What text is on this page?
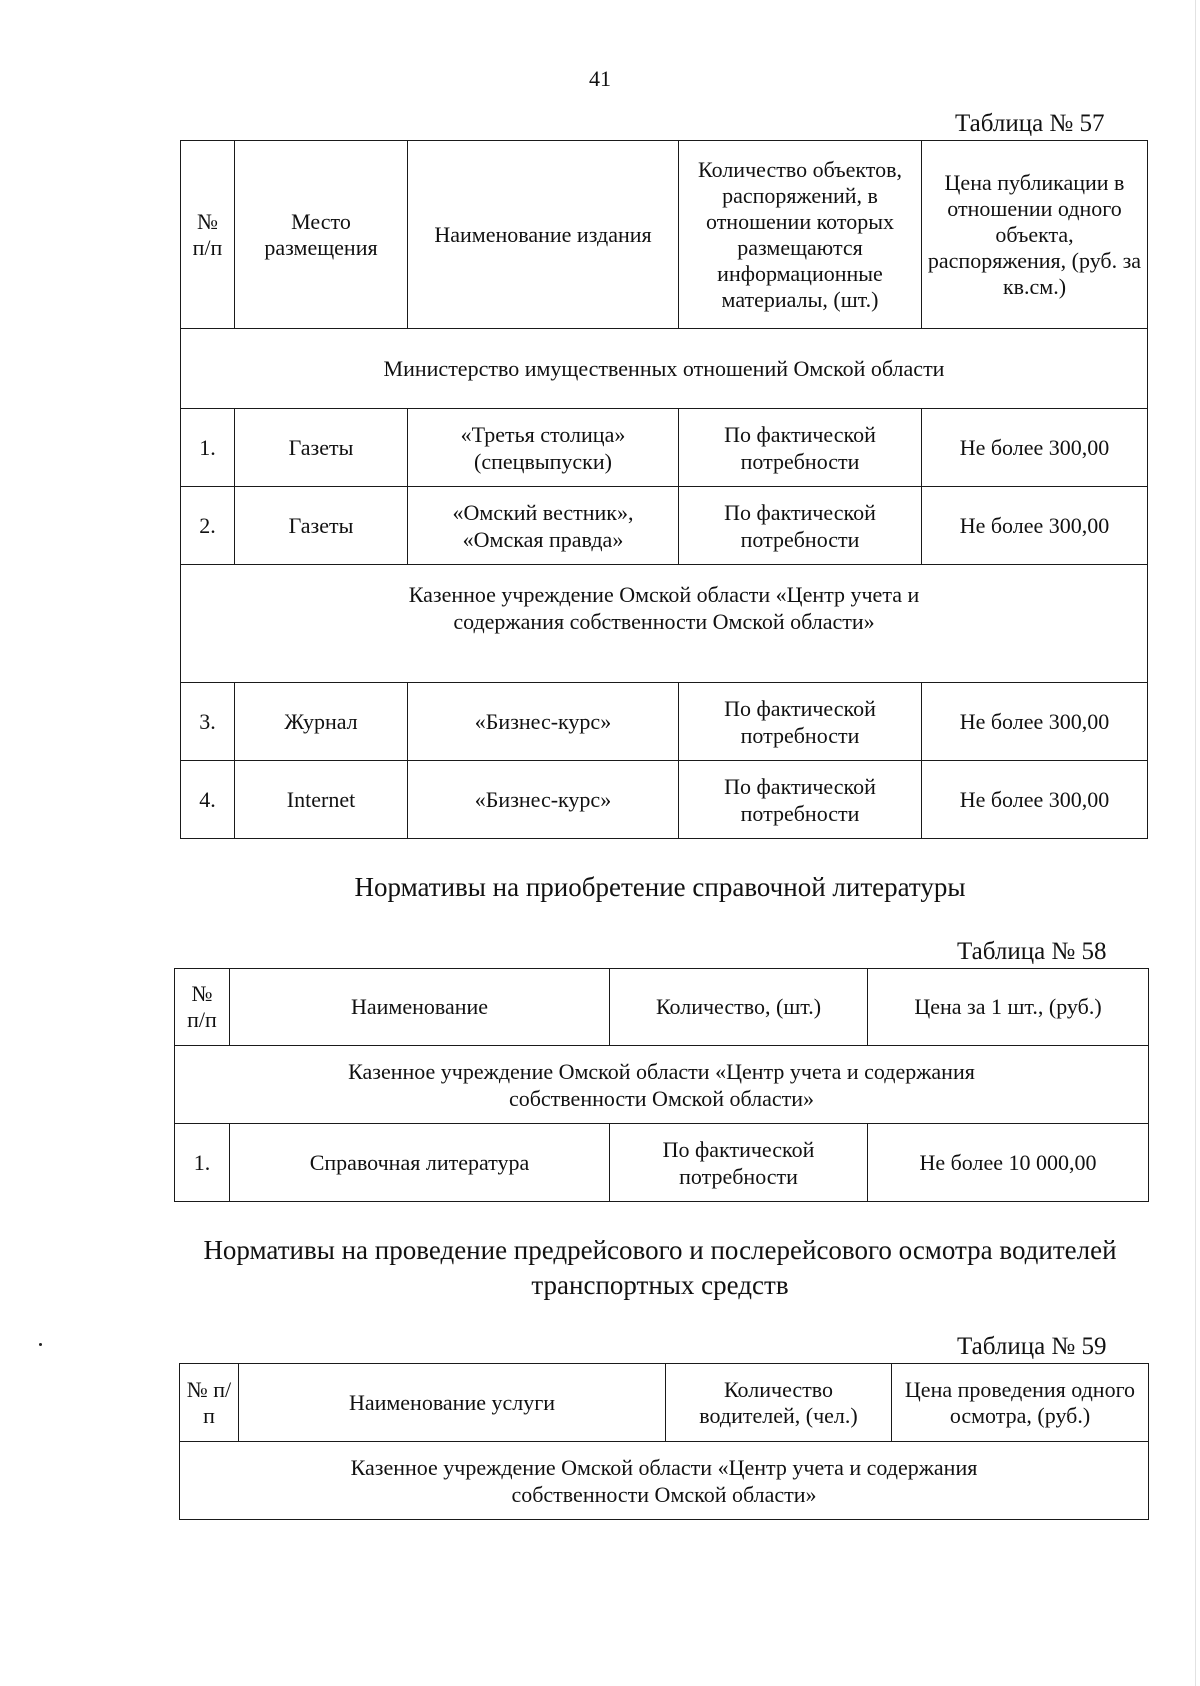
41
Таблица № 57
№ п/п	Место размещения	Наименование издания	Количество объектов, распоряжений, в отношении которых размещаются информационные материалы, (шт.)	Цена публикации в отношении одного объекта, распоряжения, (руб. за кв.см.)
Министерство имущественных отношений Омской области				
1.	Газеты	«Третья столица» (спецвыпуски)	По фактической потребности	Не более 300,00
2.	Газеты	«Омский вестник», «Омская правда»	По фактической потребности	Не более 300,00
Казенное учреждение Омской области «Центр учета и содержания собственности Омской области»				
3.	Журнал	«Бизнес-курс»	По фактической потребности	Не более 300,00
4.	Internet	«Бизнес-курс»	По фактической потребности	Не более 300,00
Нормативы на приобретение справочной литературы
Таблица № 58
№ п/п	Наименование	Количество, (шт.)	Цена за 1 шт., (руб.)
Казенное учреждение Омской области «Центр учета и содержания собственности Омской области»			
1.	Справочная литература	По фактической потребности	Не более 10 000,00
Нормативы на проведение предрейсового и послерейсового осмотра водителей транспортных средств
Таблица № 59
№ п/п	Наименование услуги	Количество водителей, (чел.)	Цена проведения одного осмотра, (руб.)
Казенное учреждение Омской области «Центр учета и содержания собственности Омской области»
